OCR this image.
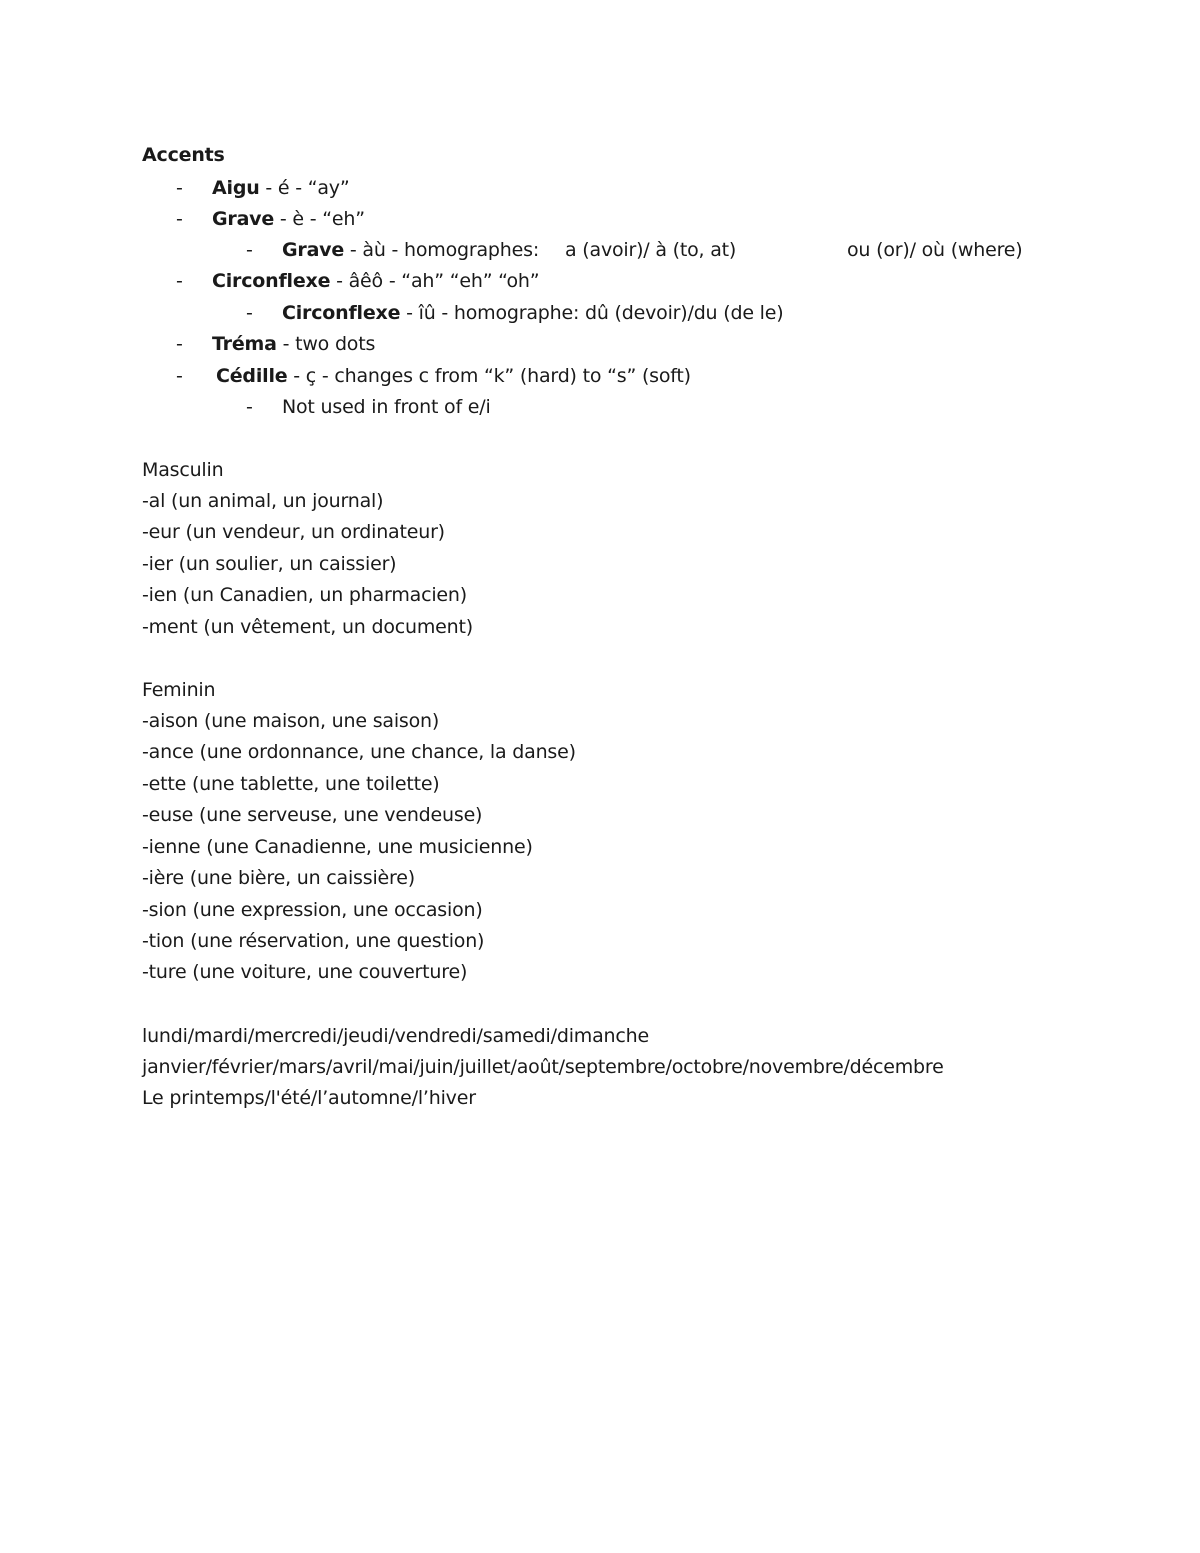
Accents
- Aigu - é - “ay”
- Grave - è - “eh”
- Grave - àù - homographes: a (avoir)/ à (to, at)	ou (or)/ où (where)
- Circonflexe - âêô - “ah” “eh” “oh”
- Circonflexe - îû - homographe: dû (devoir)/du (de le)
- Tréma - two dots
- Cédille - ç - changes c from “k” (hard) to “s” (soft)
- Not used in front of e/i
Masculin
-al (un animal, un journal)
-eur (un vendeur, un ordinateur)
-ier (un soulier, un caissier)
-ien (un Canadien, un pharmacien)
-ment (un vêtement, un document)
Feminin
-aison (une maison, une saison)
-ance (une ordonnance, une chance, la danse)
-ette (une tablette, une toilette)
-euse (une serveuse, une vendeuse)
-ienne (une Canadienne, une musicienne)
-ière (une bière, un caissière)
-sion (une expression, une occasion)
-tion (une réservation, une question)
-ture (une voiture, une couverture)
lundi/mardi/mercredi/jeudi/vendredi/samedi/dimanche
janvier/février/mars/avril/mai/juin/juillet/août/septembre/octobre/novembre/décembre
Le printemps/l'été/l’automne/l’hiver
